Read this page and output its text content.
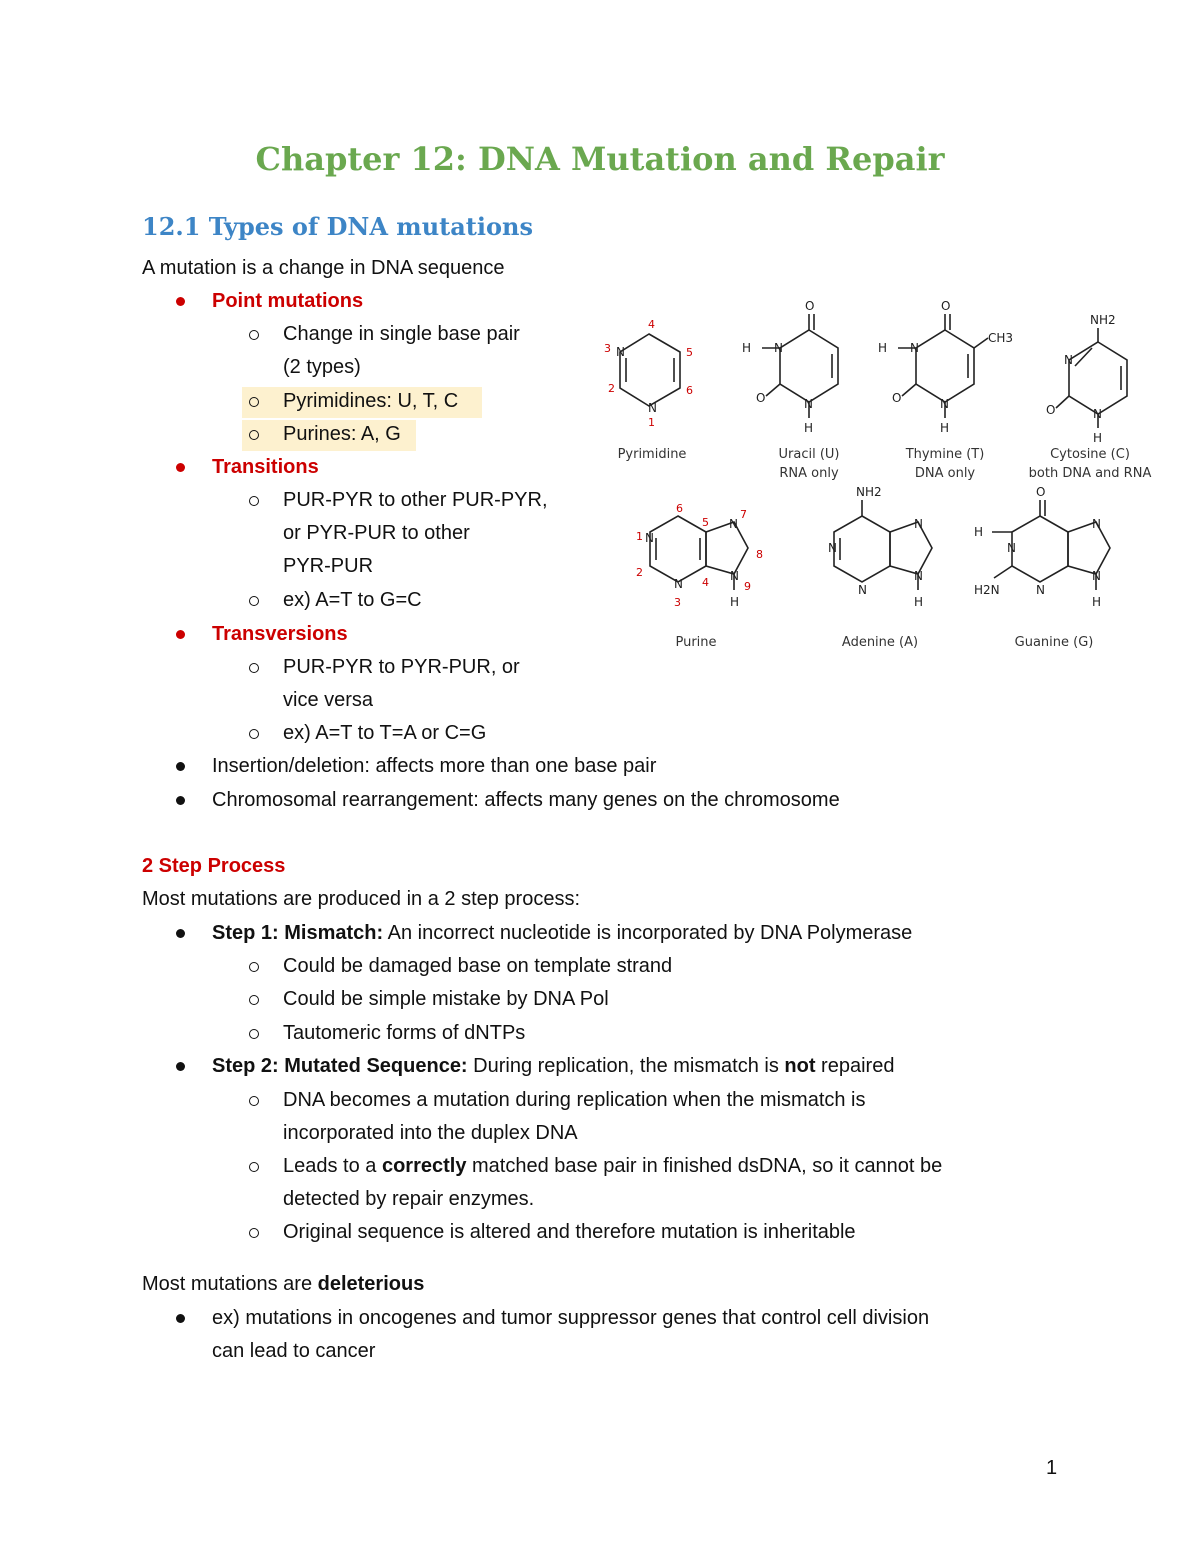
Chapter 12: DNA Mutation and Repair
12.1 Types of DNA mutations
A mutation is a change in DNA sequence
Point mutations
Change in single base pair
(2 types)
Pyrimidines: U, T, C
Purines: A, G
Transitions
PUR-PYR to other PUR-PYR,
or PYR-PUR to other
PYR-PUR
ex) A=T to G=C
Transversions
PUR-PYR to PYR-PUR, or
vice versa
ex) A=T to T=A or C=G
Insertion/deletion: affects more than one base pair
Chromosomal rearrangement: affects many genes on the chromosome
2 Step Process
Most mutations are produced in a 2 step process:
Step 1: Mismatch: An incorrect nucleotide is incorporated by DNA Polymerase
Could be damaged base on template strand
Could be simple mistake by DNA Pol
Tautomeric forms of dNTPs
Step 2: Mutated Sequence: During replication, the mismatch is not repaired
DNA becomes a mutation during replication when the mismatch is
incorporated into the duplex DNA
Leads to a correctly matched base pair in finished dsDNA, so it cannot be
detected by repair enzymes.
Original sequence is altered and therefore mutation is inheritable
Most mutations are deleterious
ex) mutations in oncogenes and tumor suppressor genes that control cell division
can lead to cancer
1
N
N
N
N
O
O
H
H	N
N
O
O
H
H
CH3
N
N
O
H
NH2
N
N
N
N
H
N
N
N
N
H
NH2
N
N
N
N
H
O
H
H2N
4
3	5
2	6
1
6
1
5
7
2
8
4	9
3
Pyrimidine	Uracil (U)
RNA only
Thymine (T)
DNA only
Cytosine (C)
both DNA and RNA
Purine	Adenine (A)	Guanine (G)
